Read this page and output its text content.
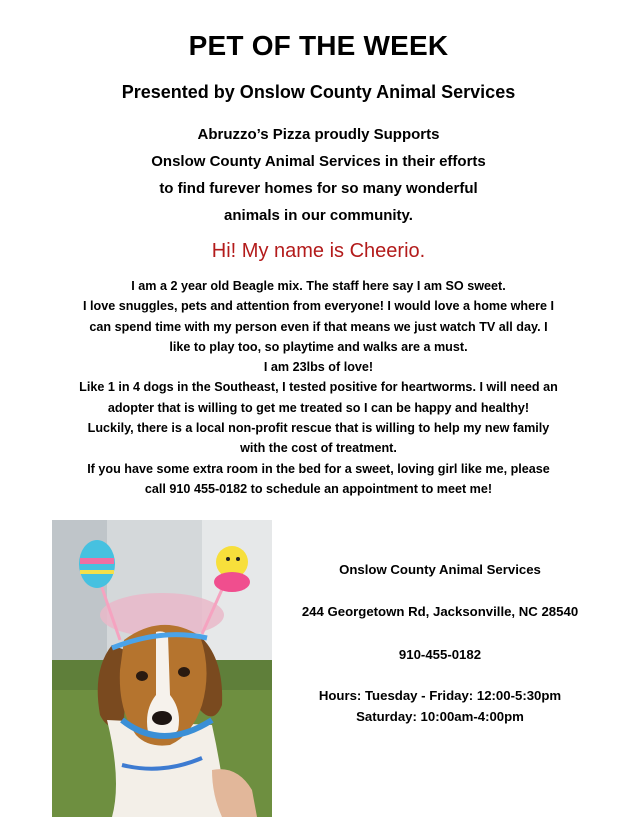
PET OF THE WEEK
Presented by Onslow County Animal Services
Abruzzo’s Pizza proudly Supports
Onslow County Animal Services in their efforts
to find furever homes for so many wonderful
animals in our community.
Hi! My name is Cheerio.
I am a 2 year old Beagle mix. The staff here say I am SO sweet.
I love snuggles, pets and attention from everyone! I would love a home where I
can spend time with my person even if that means we just watch TV all day. I
like to play too, so playtime and walks are a must.
I am 23lbs of love!
Like 1 in 4 dogs in the Southeast, I tested positive for heartworms. I will need an
adopter that is willing to get me treated so I can be happy and healthy!
Luckily, there is a local non-profit rescue that is willing to help my new family
with the cost of treatment.
If you have some extra room in the bed for a sweet, loving girl like me, please
call 910 455-0182 to schedule an appointment to meet me!
Onslow County Animal Services
244 Georgetown Rd, Jacksonville, NC 28540
910-455-0182
Hours: Tuesday - Friday: 12:00-5:30pm
Saturday: 10:00am-4:00pm
